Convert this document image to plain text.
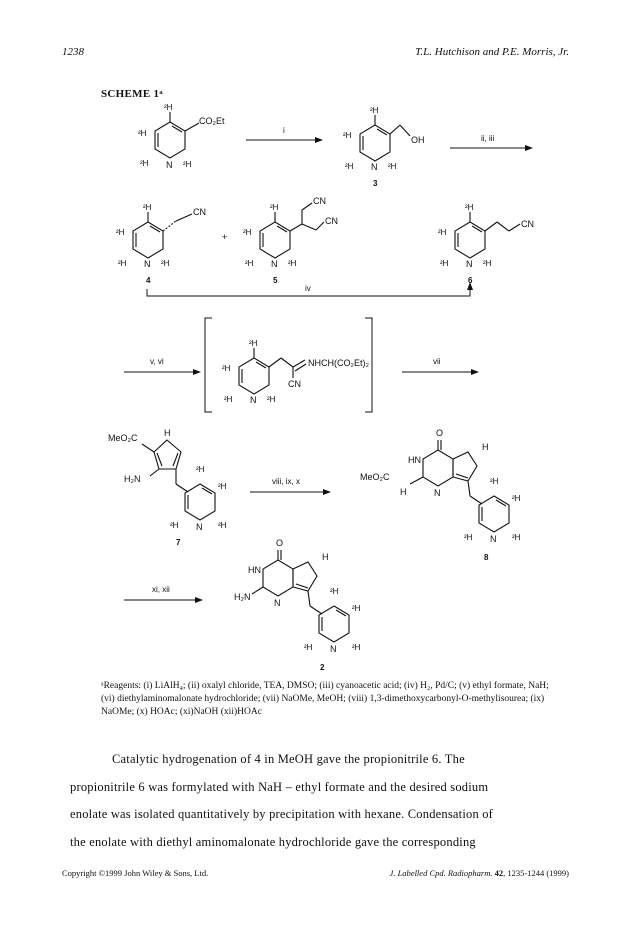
1238	T.L. Hutchison and P.E. Morris, Jr.
SCHEME 1ᵃ
²H
²H
²H	²H
N
CO₂Et
i
²H
²H
²H	²H
N
OH
3
ii, iii
²H
²H
²H	²H
N
CN
4
+
²H
²H
²H	²H
N
CN
CN
5
²H
²H
²H	²H
N
CN
6
iv
v, vi
²H
²H
²H	²H
N
CN
NHCH(CO₂Et)₂	vii
H
MeO₂C
H₂N
²H
²H
²H
²H N
7
viii, ix, x
O
HN
H
MeO₂C
H	N
²H
²H
²H
²H N
8
xi, xii
O
HN
H
H₂N
N
²H
²H
²H
²H N
2
ᵃReagents: (i) LiAlH₄; (ii) oxalyl chloride, TEA, DMSO; (iii) cyanoacetic acid; (iv) H₂, Pd/C; (v) ethyl formate, NaH; (vi) diethylaminomalonate hydrochloride; (vii) NaOMe, MeOH; (viii) 1,3-dimethoxycarbonyl-O-methylisourea; (ix) NaOMe; (x) HOAc; (xi)NaOH (xii)HOAc
Catalytic hydrogenation of 4 in MeOH gave the propionitrile 6. The
propionitrile 6 was formylated with NaH – ethyl formate and the desired sodium
enolate was isolated quantitatively by precipitation with hexane. Condensation of
the enolate with diethyl aminomalonate hydrochloride gave the corresponding
Copyright ©1999 John Wiley & Sons, Ltd.	J. Labelled Cpd. Radiopharm. 42, 1235-1244 (1999)
